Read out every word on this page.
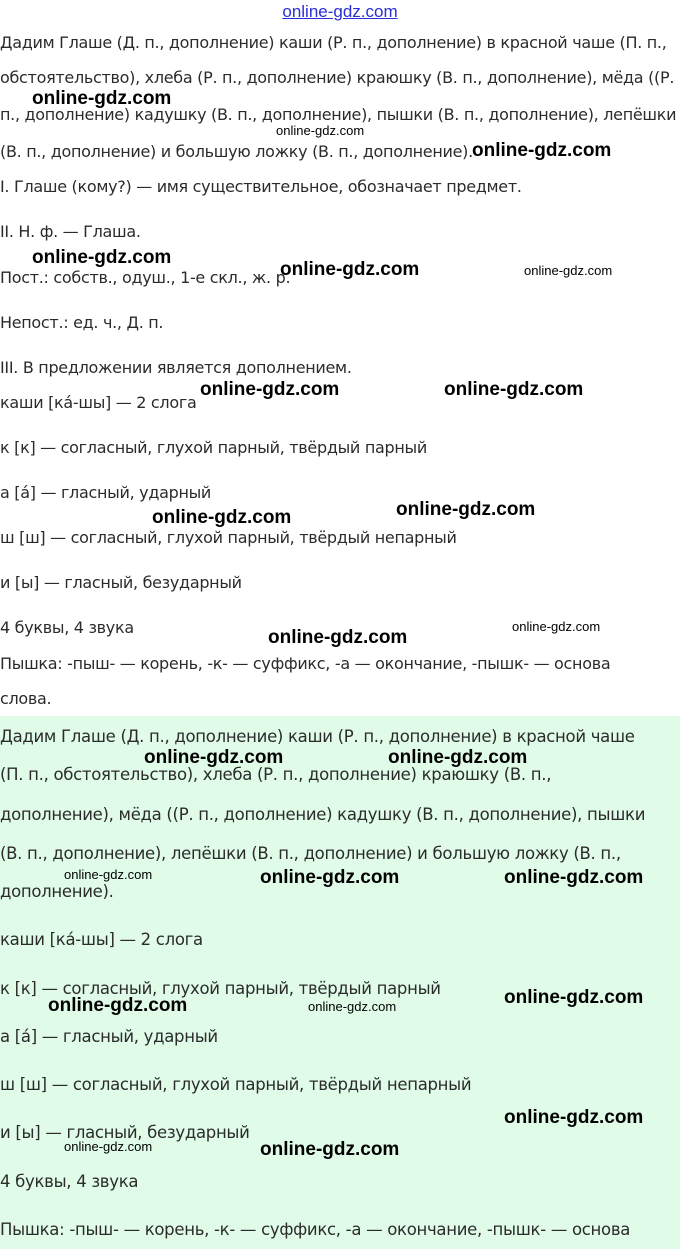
online-gdz.com
Дадим Глаше (Д. п., дополнение) каши (Р. п., дополнение) в красной чаше (П. п.,
обстоятельство), хлеба (Р. п., дополнение) краюшку (В. п., дополнение), мёда ((Р.
п., дополнение) кадушку (В. п., дополнение), пышки (В. п., дополнение), лепёшки
(В. п., дополнение) и большую ложку (В. п., дополнение).
I. Глаше (кому?) — имя существительное, обозначает предмет.
II. Н. ф. — Глаша.
Пост.: собств., одуш., 1-е скл., ж. р.
Непост.: ед. ч., Д. п.
III. В предложении является дополнением.
каши [ка́-шы] — 2 слога
к [к] — согласный, глухой парный, твёрдый парный
а [а́] — гласный, ударный
ш [ш] — согласный, глухой парный, твёрдый непарный
и [ы] — гласный, безударный
4 буквы, 4 звука
Пышка: -пыш- — корень, -к- — суффикс, -а — окончание, -пышк- — основа
слова.
Дадим Глаше (Д. п., дополнение) каши (Р. п., дополнение) в красной чаше
(П. п., обстоятельство), хлеба (Р. п., дополнение) краюшку (В. п.,
дополнение), мёда ((Р. п., дополнение) кадушку (В. п., дополнение), пышки
(В. п., дополнение), лепёшки (В. п., дополнение) и большую ложку (В. п.,
дополнение).
каши [ка́-шы] — 2 слога
к [к] — согласный, глухой парный, твёрдый парный
а [а́] — гласный, ударный
ш [ш] — согласный, глухой парный, твёрдый непарный
и [ы] — гласный, безударный
4 буквы, 4 звука
Пышка: -пыш- — корень, -к- — суффикс, -а — окончание, -пышк- — основа
online-gdz.com
online-gdz.com
online-gdz.com
online-gdz.com
online-gdz.com	online-gdz.com
online-gdz.com	online-gdz.com
online-gdz.com	online-gdz.com
online-gdz.com
online-gdz.com
online-gdz.com	online-gdz.com
online-gdz.com	online-gdz.com	online-gdz.com
online-gdz.com	online-gdz.com	online-gdz.com
online-gdz.com
online-gdz.com	online-gdz.com
